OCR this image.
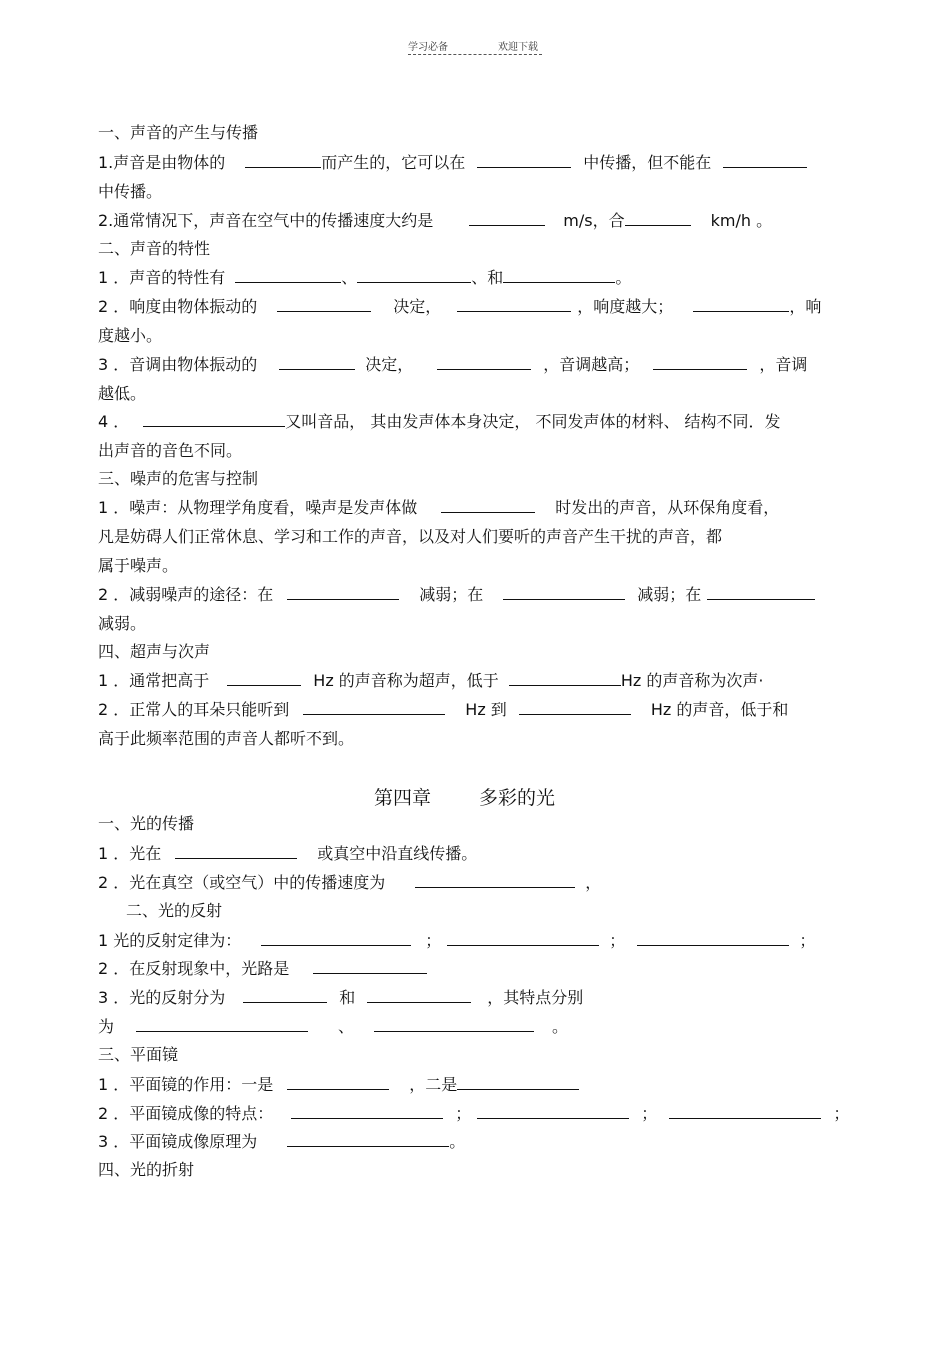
学习必备	欢迎下载
一、声音的产生与传播
1.声音是由物体的	而产生的，它可以在	中传播，但不能在
中传播。
2.通常情况下，声音在空气中的传播速度大约是	m/s，合	km/h 。
二、声音的特性
1 ．声音的特性有	、	、和	。
2 ．响度由物体振动的	决定，	，响度越大；	，响
度越小。
3 ．音调由物体振动的	决定，	，音调越高；	，音调
越低。
4 ．	又叫音品， 其由发声体本身决定， 不同发声体的材料、 结构不同．发
出声音的音色不同。
三、噪声的危害与控制
1 ．噪声：从物理学角度看，噪声是发声体做	时发出的声音，从环保角度看，
凡是妨碍人们正常休息、学习和工作的声音，以及对人们要听的声音产生干扰的声音，都
属于噪声。
2 ．减弱噪声的途径：在	减弱；在	减弱；在
减弱。
四、超声与次声
1 ．通常把高于	Hz 的声音称为超声，低于	Hz 的声音称为次声·
2 ．正常人的耳朵只能听到	Hz 到	Hz 的声音，低于和
高于此频率范围的声音人都听不到。
第四章	多彩的光
一、光的传播
1 ．光在	或真空中沿直线传播。
2 ．光在真空（或空气）中的传播速度为	，
二、光的反射
1 光的反射定律为：	；	；	；
2 ．在反射现象中，光路是
3 ．光的反射分为	和	，其特点分别
为	、	。
三、平面镜
1 ．平面镜的作用：一是	，二是
2 ．平面镜成像的特点：	；	；	；
3 ．平面镜成像原理为	。
四、光的折射
